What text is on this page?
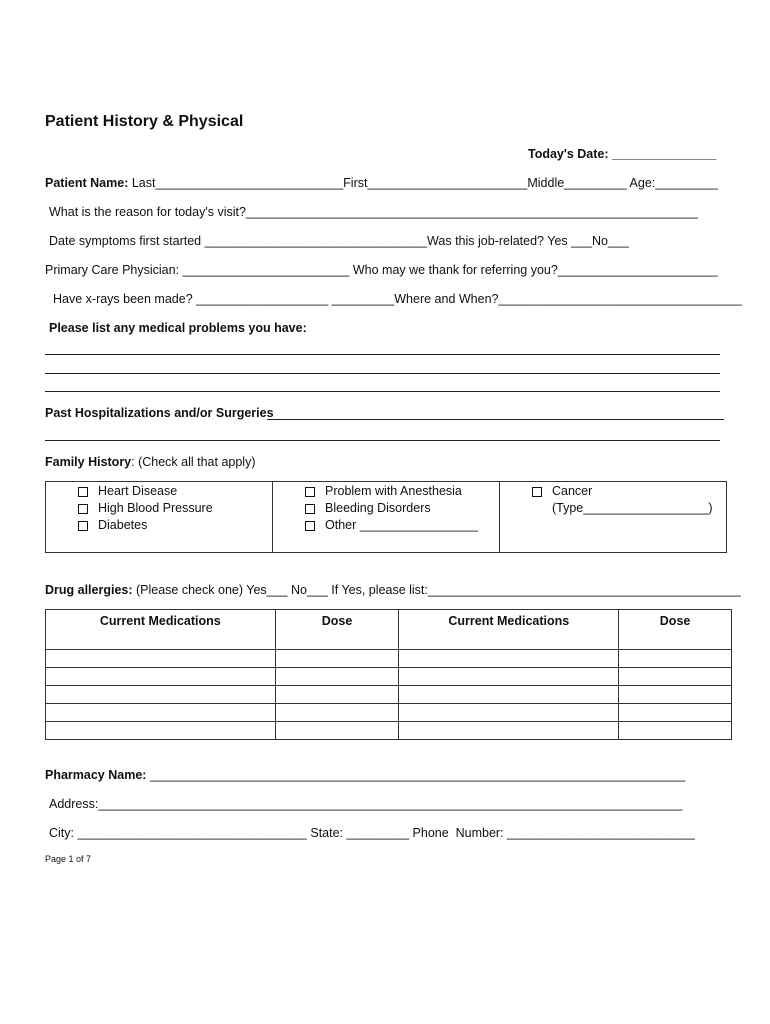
Patient History & Physical
Today's Date: _______________
Patient Name: Last___________________________First_______________________Middle_________ Age:_________
What is the reason for today's visit?_________________________________________________________________
Date symptoms first started ________________________________Was this job-related? Yes ___No___
Primary Care Physician: ________________________ Who may we thank for referring you?_______________________
Have x-rays been made? ___________________ _________Where and When?___________________________________
Please list any medical problems you have:
Past Hospitalizations and/or Surgeries
Family History: (Check all that apply)
Heart Disease
High Blood Pressure
Diabetes
Problem with Anesthesia
Bleeding Disorders
Other _________________
Cancer
(Type__________________)
Drug allergies: (Please check one) Yes___ No___ If Yes, please list:_____________________________________________
Current Medications	Dose	Current Medications	Dose

Pharmacy Name: _____________________________________________________________________________
Address:____________________________________________________________________________________
City: _________________________________ State: _________ Phone  Number: ___________________________
Page 1 of 7
